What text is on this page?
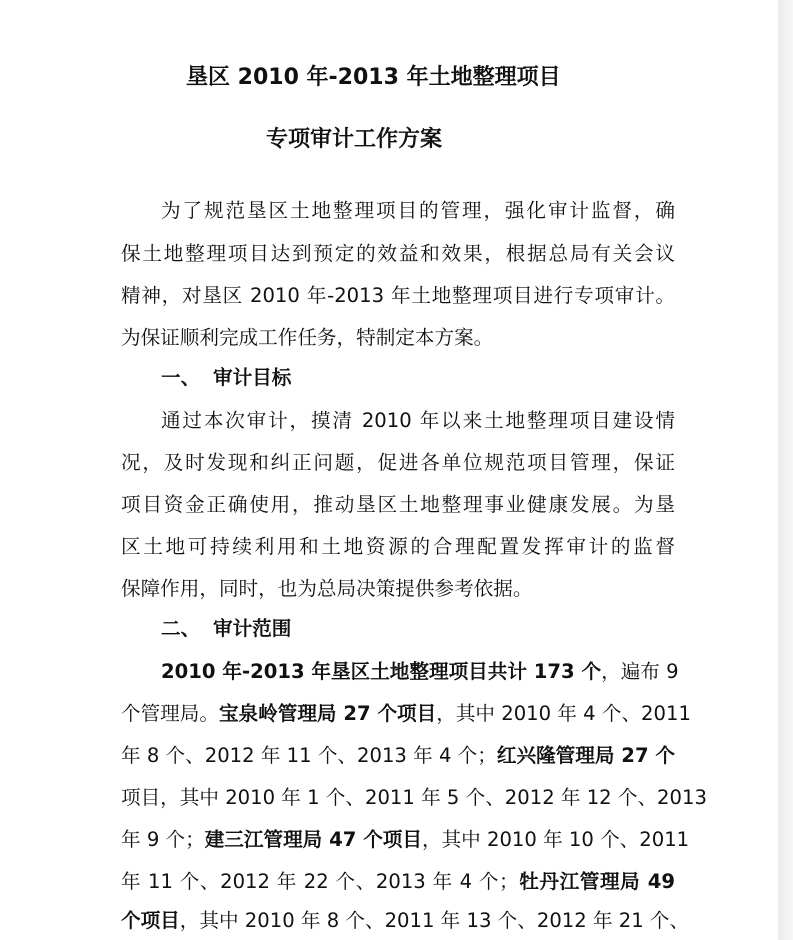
垦区 2010 年-2013 年土地整理项目
专项审计工作方案
为了规范垦区土地整理项目的管理，强化审计监督，确
保土地整理项目达到预定的效益和效果，根据总局有关会议
精神，对垦区 2010 年-2013 年土地整理项目进行专项审计。
为保证顺利完成工作任务，特制定本方案。
一、 审计目标
通过本次审计，摸清 2010 年以来土地整理项目建设情
况，及时发现和纠正问题，促进各单位规范项目管理，保证
项目资金正确使用，推动垦区土地整理事业健康发展。为垦
区土地可持续利用和土地资源的合理配置发挥审计的监督
保障作用，同时，也为总局决策提供参考依据。
二、 审计范围
2010 年-2013 年垦区土地整理项目共计 173 个，遍布 9
个管理局。宝泉岭管理局 27 个项目，其中 2010 年 4 个、2011
年 8 个、2012 年 11 个、2013 年 4 个；红兴隆管理局 27 个
项目，其中 2010 年 1 个、2011 年 5 个、2012 年 12 个、2013
年 9 个；建三江管理局 47 个项目，其中 2010 年 10 个、2011
年 11 个、2012 年 22 个、2013 年 4 个；牡丹江管理局 49
个项目，其中 2010 年 8 个、2011 年 13 个、2012 年 21 个、
